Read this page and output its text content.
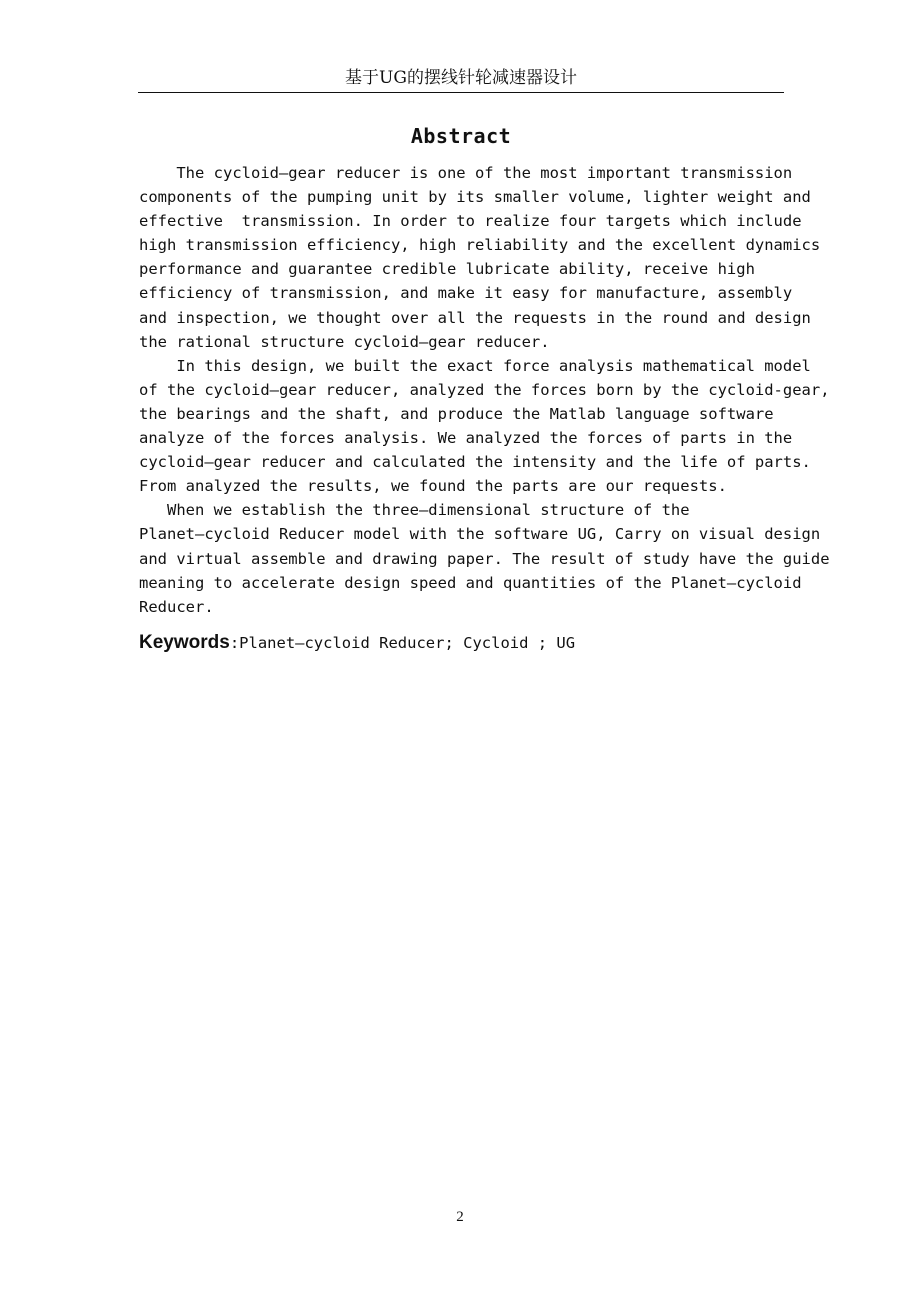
基于UG的摆线针轮减速器设计
Abstract
The cycloid—gear reducer is one of the most important transmission
components of the pumping unit by its smaller volume, lighter weight and
effective  transmission. In order to realize four targets which include
high transmission efficiency, high reliability and the excellent dynamics
performance and guarantee credible lubricate ability, receive high
efficiency of transmission, and make it easy for manufacture, assembly
and inspection, we thought over all the requests in the round and design
the rational structure cycloid—gear reducer.
In this design, we built the exact force analysis mathematical model
of the cycloid—gear reducer, analyzed the forces born by the cycloid-gear,
the bearings and the shaft, and produce the Matlab language software
analyze of the forces analysis. We analyzed the forces of parts in the
cycloid—gear reducer and calculated the intensity and the life of parts.
From analyzed the results, we found the parts are our requests.
When we establish the three—dimensional structure of the
Planet—cycloid Reducer model with the software UG, Carry on visual design
and virtual assemble and drawing paper. The result of study have the guide
meaning to accelerate design speed and quantities of the Planet—cycloid
Reducer.
Keywords:Planet—cycloid Reducer; Cycloid ; UG
2
